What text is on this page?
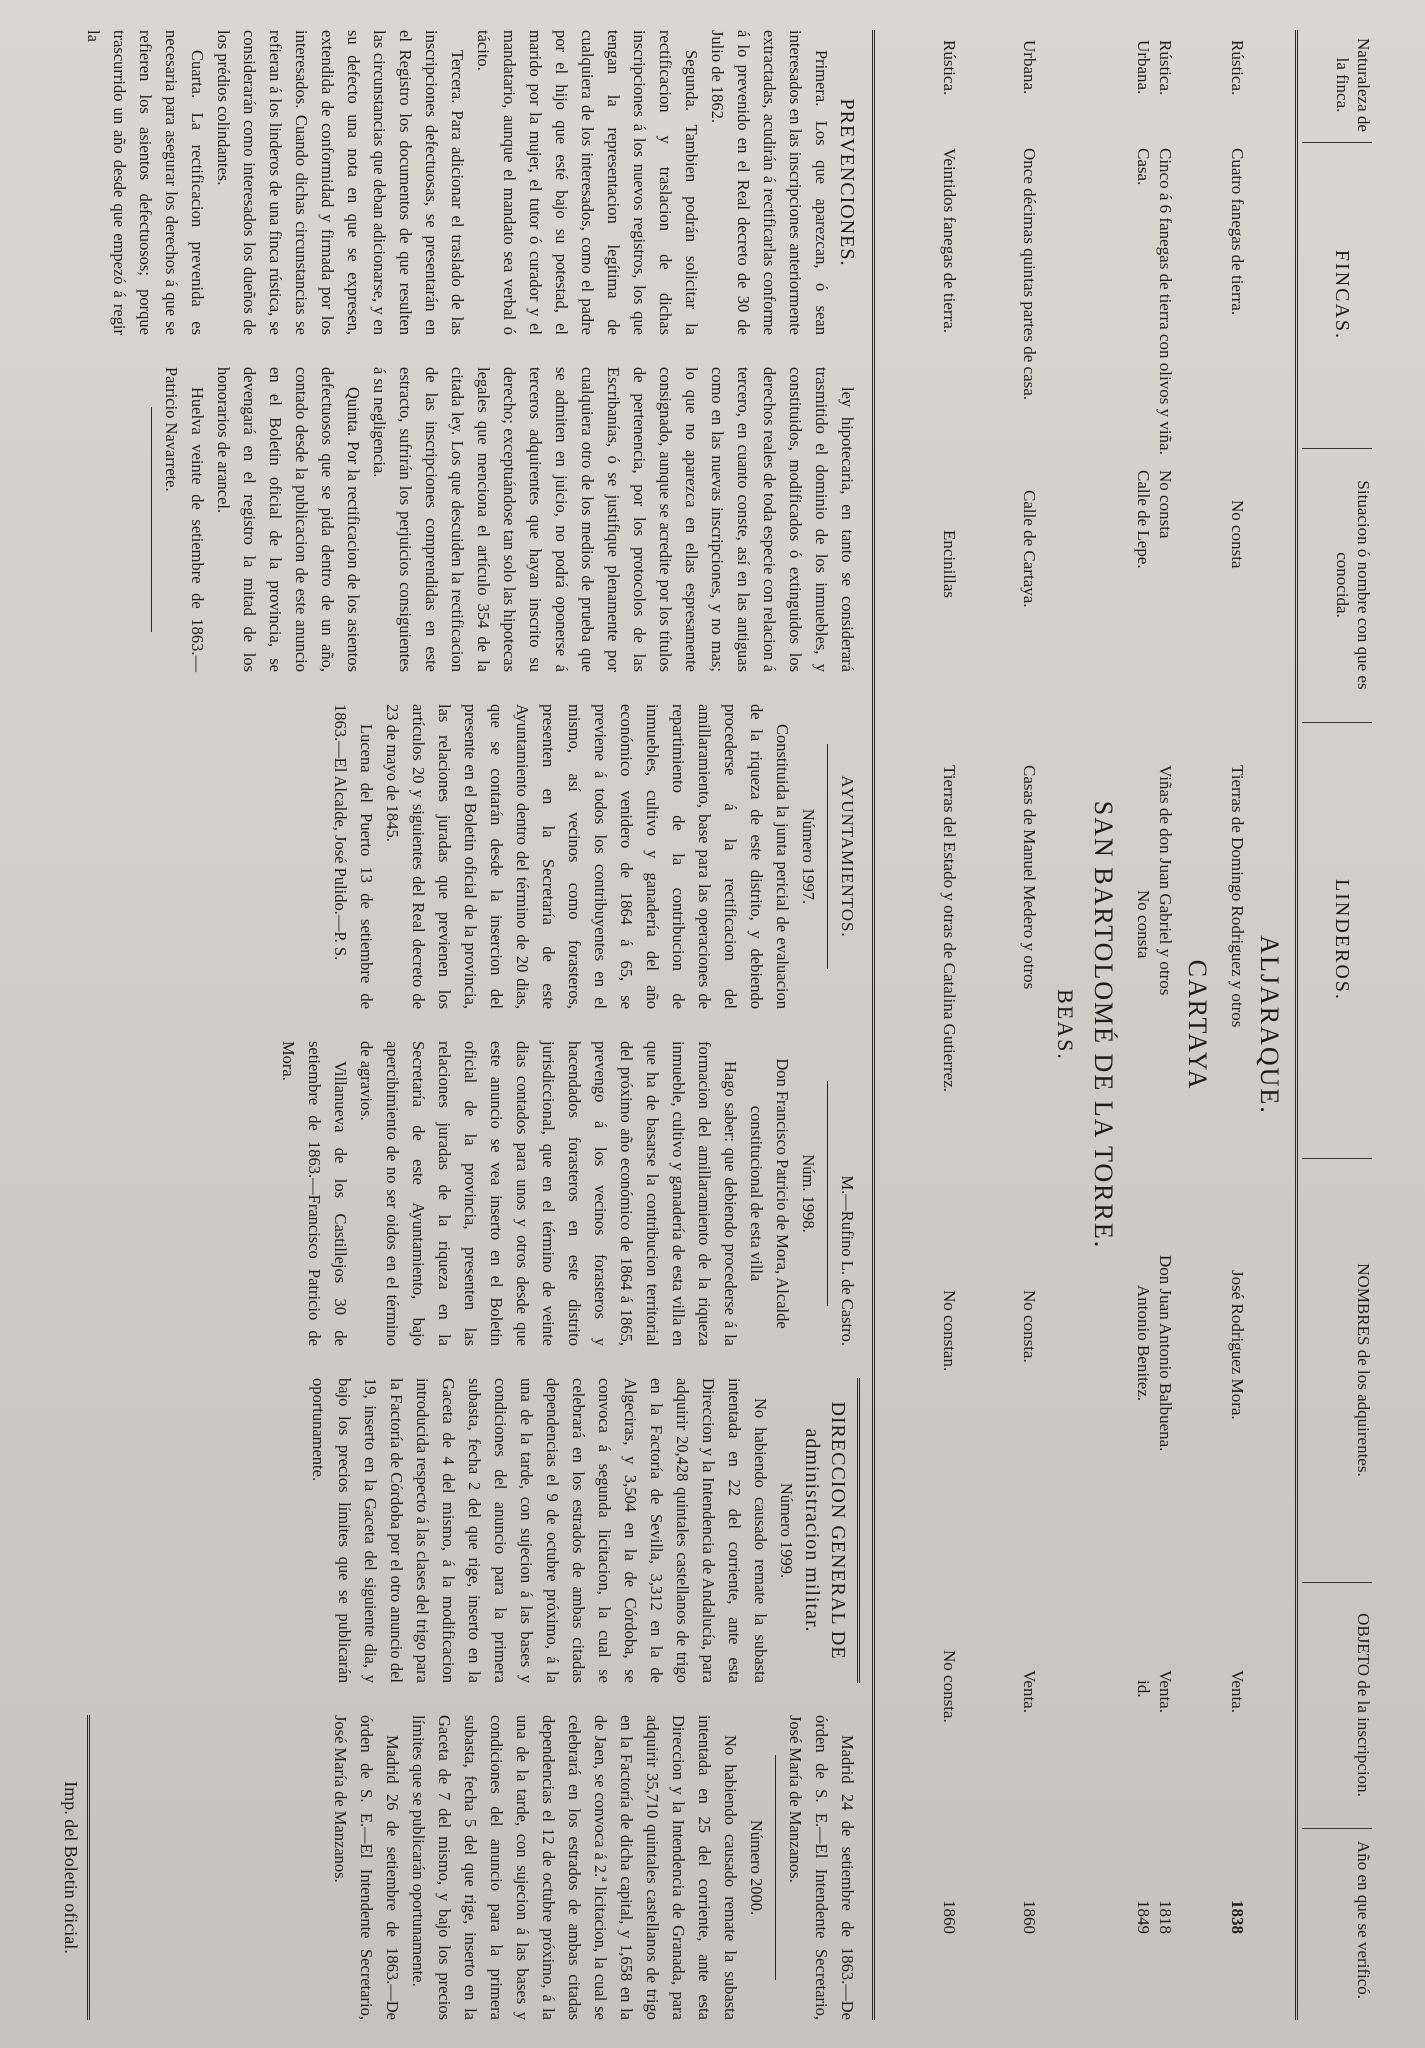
Naturaleza de la finca.
FINCAS.
Situacion ó nombre con que es conocida.
LINDEROS.
NOMBRES de los adquirentes.
OBJETO de la inscripcion.
Año en que se verificó.
ALJARAQUE.
Rústica.
Cuatro fanegas de tierra.
No consta
Tierras de Domingo Rodriguez y otros
José Rodriguez Mora.
Venta.
1838
CARTAYA
Rústica.
Cinco á 6 fanegas de tierra con olivos y viña.
No consta
Viñas de don Juan Gabriel y otros
Don Juan Antonio Balbuena.
Venta.
1818
Urbana.
Casa.
Calle de Lepe.
No consta
Antonio Benitez.
id.
1849
SAN BARTOLOMÉ DE LA TORRE.
BEAS.
Urbana.
Once décimas quintas partes de casa.
Calle de Cartaya.
Casas de Manuel Medero y otros
No consta.
Venta.
1860
Rústica.
Veintidos fanegas de tierra.
Encinillas
Tierras del Estado y otras de Catalina Gutierrez.
No constan.
No consta.
1860

PREVENCIONES.

Primera. Los que aparezcan, ó sean interesados en las inscripciones anteriormente extractadas, acudirán á rectificarlas conforme á lo prevenido en el Real decreto de 30 de Julio de 1862.

Segunda. Tambien podrán solicitar la rectificacion y traslacion de dichas inscripciones á los nuevos registros, los que tengan la representacion legítima de cualquiera de los interesados, como el padre por el hijo que esté bajo su potestad, el marido por la mujer, el tutor ó curador y el mandatario, aunque el mandato sea verbal ó tácito.

Tercera. Para adicionar el traslado de las inscripciones defectuosas, se presentarán en el Registro los documentos de que resulten las circunstancias que deban adicionarse, y en su defecto una nota en que se expresen, extendida de conformidad y firmada por los interesados. Cuando dichas circunstancias se refieran á los linderos de una finca rústica, se considerarán como interesados los dueños de los prédios colindantes.

Cuarta. La rectificacion prevenida es necesaria para asegurar los derechos á que se refieren los asientos defectuosos; porque trascurrido un año desde que empezó á regir la

ley hipotecaria, en tanto se considerará trasmitido el dominio de los inmuebles, y constituidos, modificados ó extinguidos los derechos reales de toda especie con relacion á tercero, en cuanto conste, así en las antiguas como en las nuevas inscripciones, y no mas; lo que no aparezca en ellas espresamente consignado, aunque se acredite por los títulos de pertenencia, por los protocolos de las Escribanías, ó se justifique plenamente por cualquiera otro de los medios de prueba que se admiten en juicio, no podrá oponerse á terceros adquirentes que hayan inscrito su derecho; exceptuándose tan solo las hipotecas legales que menciona el artículo 354 de la citada ley. Los que descuiden la rectificacion de las inscripciones comprendidas en este estracto, sufrirán los perjuicios consiguientes á su negligencia.

Quinta. Por la rectificacion de los asientos defectuosos que se pida dentro de un año, contado desde la publicacion de este anuncio en el Boletin oficial de la provincia, se devengará en el registro la mitad de los honorarios de arancel.

Huelva veinte de setiembre de 1863.—Patricio Navarrete.

AYUNTAMIENTOS.

Número 1997.

Constituida la junta pericial de evaluacion de la riqueza de este distrito, y debiendo procederse á la rectificacion del amillaramiento, base para las operaciones de repartimiento de la contribucion de inmuebles, cultivo y ganadería del año económico venidero de 1864 á 65, se previene á todos los contribuyentes en el mismo, así vecinos como forasteros, presenten en la Secretaría de este Ayuntamiento dentro del término de 20 dias, que se contarán desde la insercion del presente en el Boletin oficial de la provincia, las relaciones juradas que previenen los artículos 20 y siguientes del Real decreto de 23 de mayo de 1845.

Lucena del Puerto 13 de setiembre de 1863.—El Alcalde, José Pulido.—P. S.

M.—Rufino L. de Castro.

Núm. 1998.

Don Francisco Patricio de Mora, Alcalde constitucional de esta villa

Hago saber: que debiendo procederse á la formacion del amillaramiento de la riqueza inmueble, cultivo y ganadería de esta villa en que ha de basarse la contribucion territorial del próximo año económico de 1864 á 1865, prevengo á los vecinos forasteros y hacendados forasteros en este distrito jurisdiccional, que en el término de veinte dias contados para unos y otros desde que este anuncio se vea inserto en el Boletin oficial de la provincia, presenten las relaciones juradas de la riqueza en la Secretaría de este Ayuntamiento, bajo apercibimiento de no ser oidos en el término de agravios.

Villanueva de los Castillejos 30 de setiembre de 1863.—Francisco Patricio de Mora.

DIRECCION GENERAL DE administracion militar.

Número 1999.

No habiendo causado remate la subasta intentada en 22 del corriente, ante esta Direccion y la Intendencia de Andalucía, para adquirir 20,428 quintales castellanos de trigo en la Factoría de Sevilla, 3,312 en la de Algeciras, y 3,504 en la de Córdoba, se convoca á segunda licitacion, la cual se celebrará en los estrados de ambas citadas dependencias el 9 de octubre próximo, á la una de la tarde, con sujecion á las bases y condiciones del anuncio para la primera subasta, fecha 2 del que rige, inserto en la Gaceta de 4 del mismo, á la modificacion introducida respecto á las clases del trigo para la Factoría de Córdoba por el otro anuncio del 19, inserto en la Gaceta del siguiente dia, y bajo los precios límites que se publicarán oportunamente.

Madrid 24 de setiembre de 1863.—De órden de S. E.—El Intendente Secretario, José María de Manzanos.

Número 2000.

No habiendo causado remate la subasta intentada en 25 del corriente, ante esta Direccion y la Intendencia de Granada, para adquirir 35,710 quintales castellanos de trigo en la Factoría de dicha capital, y 1,658 en la de Jaen, se convoca á 2.ª licitacion, la cual se celebrará en los estrados de ambas citadas dependencias el 12 de octubre próximo, á la una de la tarde, con sujecion á las bases y condiciones del anuncio para la primera subasta, fecha 5 del que rige, inserto en la Gaceta de 7 del mismo, y bajo los precios límites que se publicarán oportunamente.

Madrid 26 de setiembre de 1863.—De órden de S. E.—El Intendente Secretario, José María de Manzanos.

Imp. del Boletin oficial.
